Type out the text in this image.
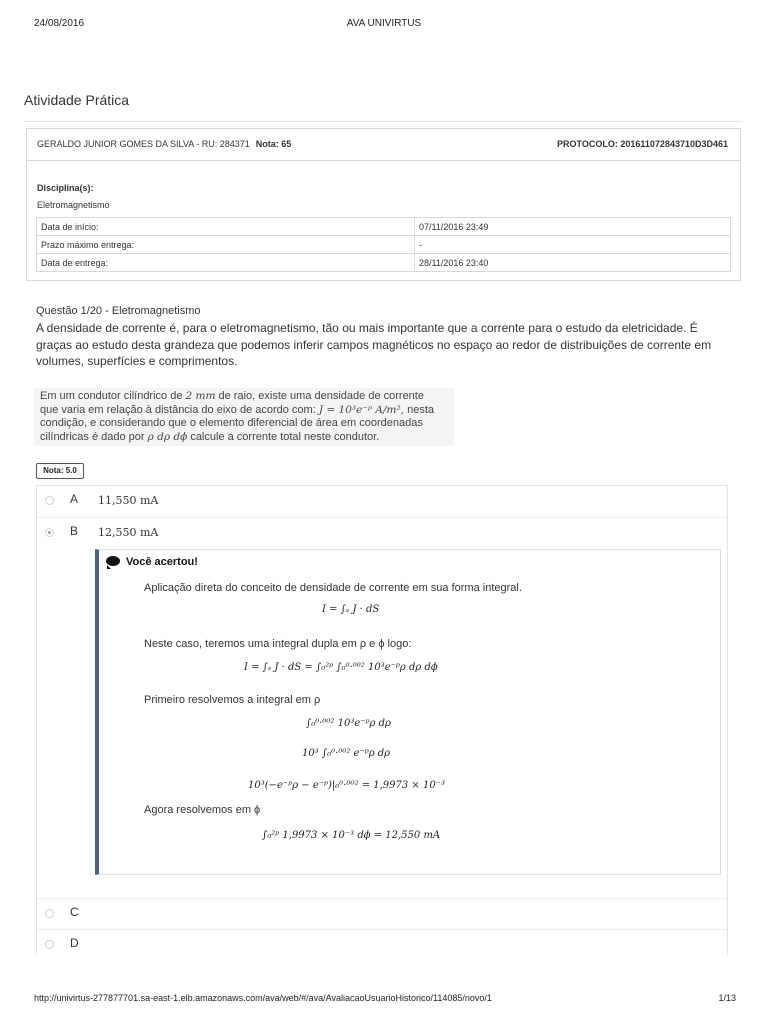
24/08/2016	AVA UNIVIRTUS
Atividade Prática
GERALDO JUNIOR GOMES DA SILVA - RU: 284371 Nota: 65	PROTOCOLO: 201611072843710D3D461
Disciplina(s):
Eletromagnetismo
Data de início:	07/11/2016 23:49
Prazo máximo entrega:	-
Data de entrega:	28/11/2016 23:40
Questão 1/20 - Eletromagnetismo
A densidade de corrente é, para o eletromagnetismo, tão ou mais importante que a corrente para o estudo da eletricidade. É graças ao estudo desta grandeza que podemos inferir campos magnéticos no espaço ao redor de distribuições de corrente em volumes, superfícies e comprimentos.

Em um condutor cilíndrico de 2 mm de raio, existe uma densidade de corrente

que varia em relação à distância do eixo de acordo com: J = 10³e⁻ᵖ A/m², nesta

condição, e considerando que o elemento diferencial de área em coordenadas

cilíndricas é dado por ρ dρ dϕ calcule a corrente total neste condutor.

Nota: 5.0
A 11,550 mA
B 12,550 mA
Você acertou!
Aplicação direta do conceito de densidade de corrente em sua forma integral.
I = ∫ₛ J · dS
Neste caso, teremos uma integral dupla em ρ e ϕ logo:
I = ∫ₛ J · dS = ∫₀²ᵖ ∫₀⁰·⁰⁰² 10³e⁻ᵖρ dρ dϕ
Primeiro resolvemos a integral em ρ
∫₀⁰·⁰⁰² 10³e⁻ᵖρ dρ
10³ ∫₀⁰·⁰⁰² e⁻ᵖρ dρ
10³(−e⁻ᵖρ − e⁻ᵖ)|₀⁰·⁰⁰² = 1,9973 × 10⁻³
Agora resolvemos em ϕ
∫₀²ᵖ 1,9973 × 10⁻³ dϕ = 12,550 mA
C
D
http://univirtus-277877701.sa-east-1.elb.amazonaws.com/ava/web/#/ava/AvaliacaoUsuarioHistorico/114085/novo/1	1/13
